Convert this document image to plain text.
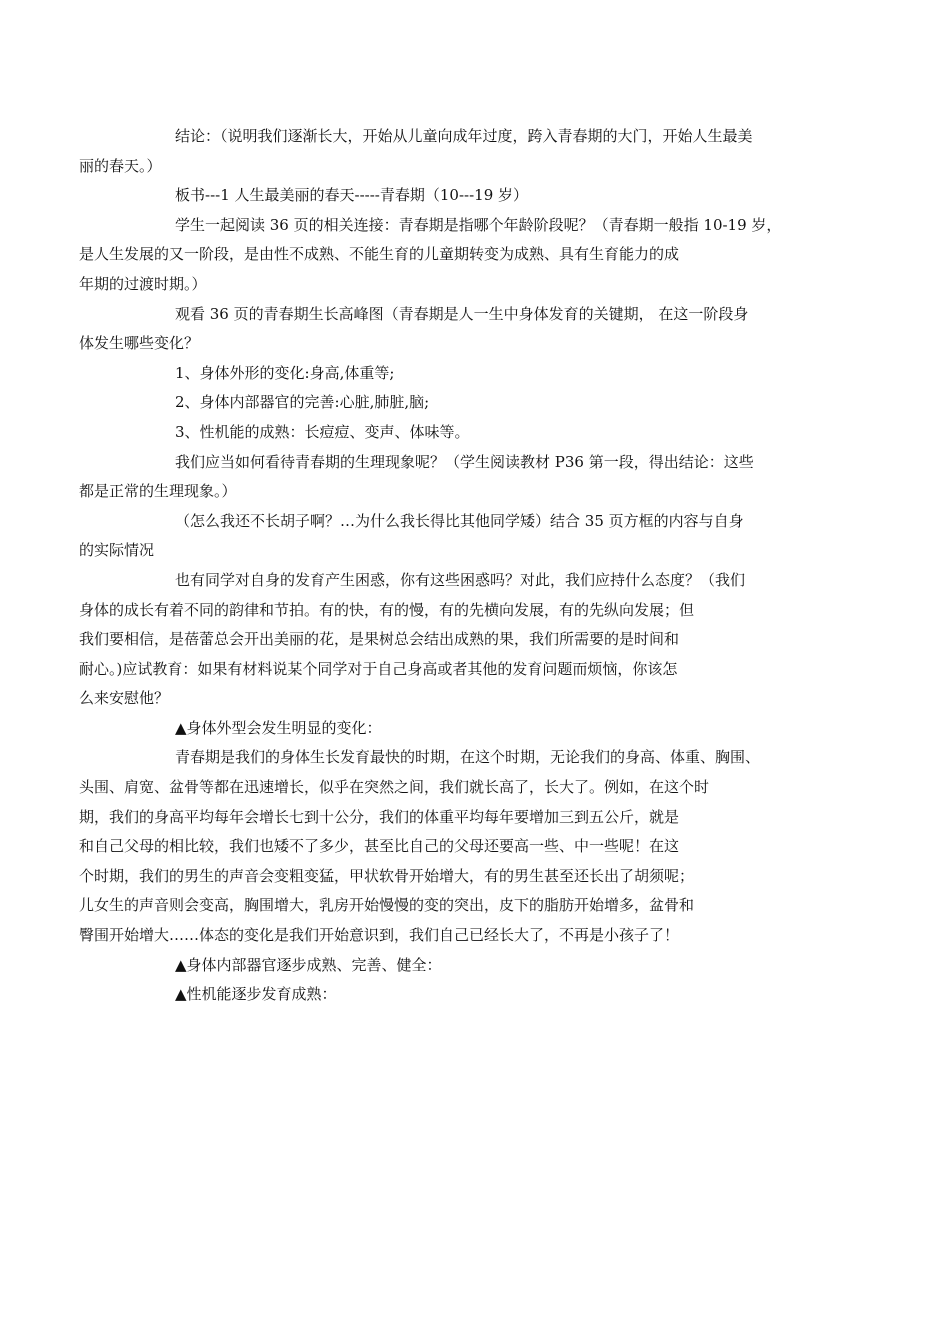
结论：（说明我们逐渐长大，开始从儿童向成年过度，跨入青春期的大门，开始人生最美
丽的春天。）
板书---1 人生最美丽的春天-----青春期（10---19 岁）
学生一起阅读 36 页的相关连接：青春期是指哪个年龄阶段呢？（青春期一般指 10-19 岁，
是人生发展的又一阶段，是由性不成熟、不能生育的儿童期转变为成熟、具有生育能力的成
年期的过渡时期。）
观看 36 页的青春期生长高峰图（青春期是人一生中身体发育的关键期， 在这一阶段身
体发生哪些变化？
1、身体外形的变化:身高,体重等;
2、身体内部器官的完善:心脏,肺脏,脑;
3、性机能的成熟：长痘痘、变声、体味等。
我们应当如何看待青春期的生理现象呢？（学生阅读教材 P36 第一段，得出结论：这些
都是正常的生理现象。）
（怎么我还不长胡子啊？…为什么我长得比其他同学矮）结合 35 页方框的内容与自身
的实际情况
也有同学对自身的发育产生困惑，你有这些困惑吗？对此，我们应持什么态度？（我们
身体的成长有着不同的韵律和节拍。有的快，有的慢，有的先横向发展，有的先纵向发展；但
我们要相信，是蓓蕾总会开出美丽的花，是果树总会结出成熟的果，我们所需要的是时间和
耐心。)应试教育：如果有材料说某个同学对于自己身高或者其他的发育问题而烦恼，你该怎
么来安慰他？
▲身体外型会发生明显的变化：
青春期是我们的身体生长发育最快的时期，在这个时期，无论我们的身高、体重、胸围、
头围、肩宽、盆骨等都在迅速增长，似乎在突然之间，我们就长高了，长大了。例如，在这个时
期，我们的身高平均每年会增长七到十公分，我们的体重平均每年要增加三到五公斤，就是
和自己父母的相比较，我们也矮不了多少，甚至比自己的父母还要高一些、中一些呢！在这
个时期，我们的男生的声音会变粗变猛，甲状软骨开始增大，有的男生甚至还长出了胡须呢；
儿女生的声音则会变高，胸围增大，乳房开始慢慢的变的突出，皮下的脂肪开始增多，盆骨和
臀围开始增大……体态的变化是我们开始意识到，我们自己已经长大了，不再是小孩子了！
▲身体内部器官逐步成熟、完善、健全：
▲性机能逐步发育成熟：
